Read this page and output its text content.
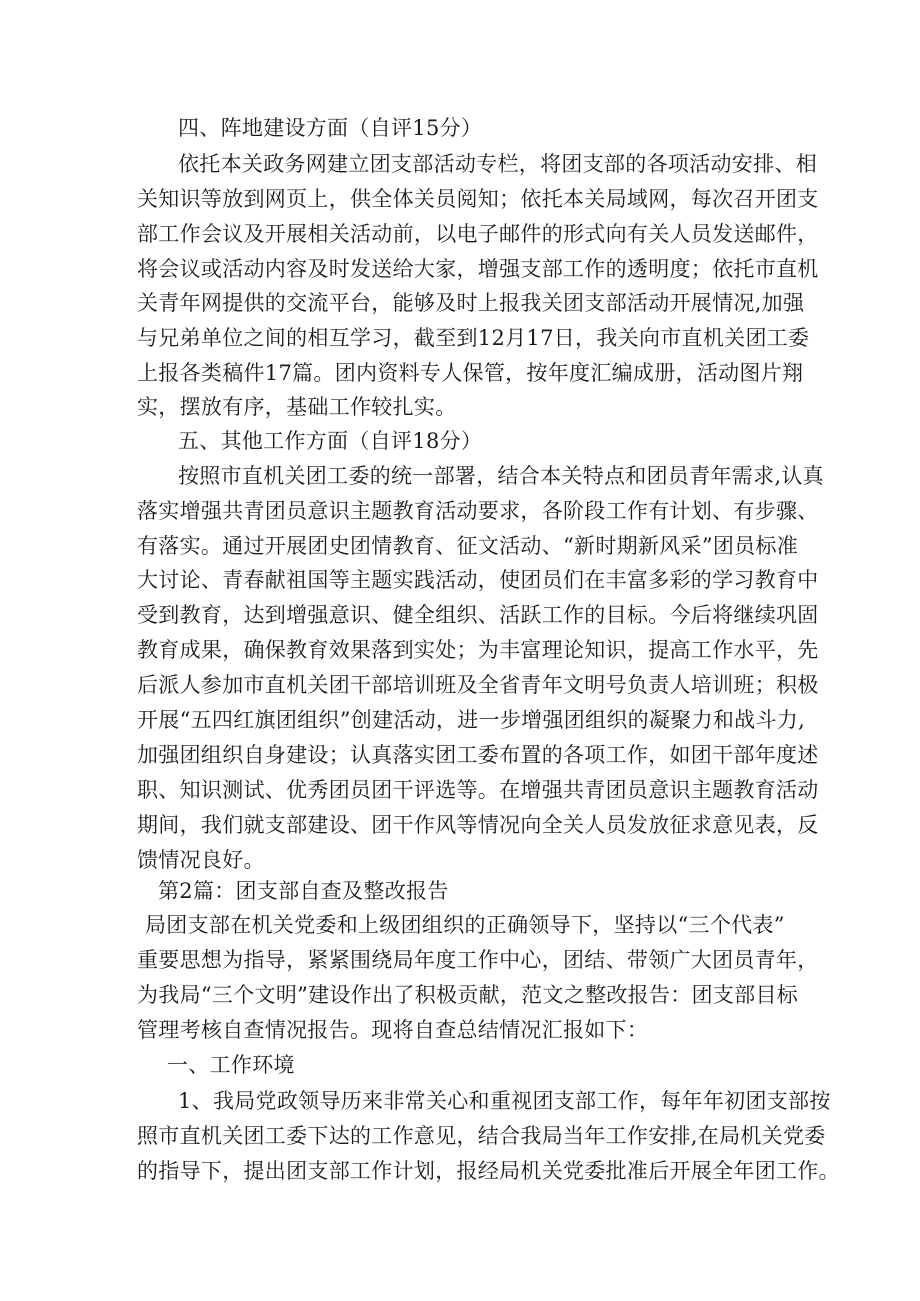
四、阵地建设方面（自评15分）
依托本关政务网建立团支部活动专栏，将团支部的各项活动安排、相
关知识等放到网页上，供全体关员阅知；依托本关局域网，每次召开团支
部工作会议及开展相关活动前，以电子邮件的形式向有关人员发送邮件，
将会议或活动内容及时发送给大家，增强支部工作的透明度；依托市直机
关青年网提供的交流平台，能够及时上报我关团支部活动开展情况,加强
与兄弟单位之间的相互学习，截至到12月17日，我关向市直机关团工委
上报各类稿件17篇。团内资料专人保管，按年度汇编成册，活动图片翔
实，摆放有序，基础工作较扎实。
五、其他工作方面（自评18分）
按照市直机关团工委的统一部署，结合本关特点和团员青年需求,认真
落实增强共青团员意识主题教育活动要求，各阶段工作有计划、有步骤、
有落实。通过开展团史团情教育、征文活动、“新时期新风采”团员标准
大讨论、青春献祖国等主题实践活动，使团员们在丰富多彩的学习教育中
受到教育，达到增强意识、健全组织、活跃工作的目标。今后将继续巩固
教育成果，确保教育效果落到实处；为丰富理论知识，提高工作水平，先
后派人参加市直机关团干部培训班及全省青年文明号负责人培训班；积极
开展“五四红旗团组织”创建活动，进一步增强团组织的凝聚力和战斗力,
加强团组织自身建设；认真落实团工委布置的各项工作，如团干部年度述
职、知识测试、优秀团员团干评选等。在增强共青团员意识主题教育活动
期间，我们就支部建设、团干作风等情况向全关人员发放征求意见表，反
馈情况良好。
第2篇：团支部自查及整改报告
局团支部在机关党委和上级团组织的正确领导下，坚持以“三个代表”
重要思想为指导，紧紧围绕局年度工作中心，团结、带领广大团员青年，
为我局“三个文明”建设作出了积极贡献，范文之整改报告：团支部目标
管理考核自查情况报告。现将自查总结情况汇报如下：
一、工作环境
1、我局党政领导历来非常关心和重视团支部工作，每年年初团支部按
照市直机关团工委下达的工作意见，结合我局当年工作安排,在局机关党委
的指导下，提出团支部工作计划，报经局机关党委批准后开展全年团工作。
